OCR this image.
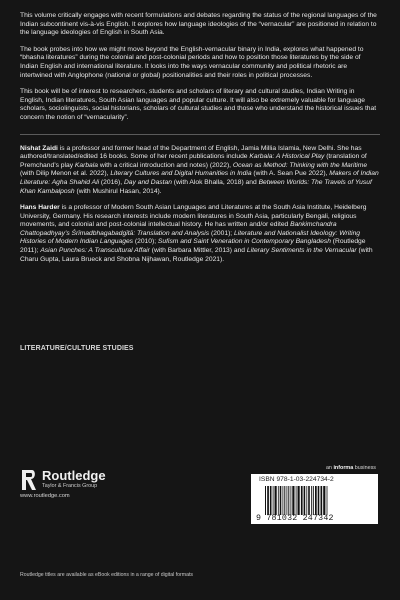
This volume critically engages with recent formulations and debates regarding the status of the regional languages of the Indian subcontinent vis-à-vis English. It explores how language ideologies of the “vernacular” are positioned in relation to the language ideologies of English in South Asia.

The book probes into how we might move beyond the English-vernacular binary in India, explores what happened to “bhasha literatures” during the colonial and post-colonial periods and how to position those literatures by the side of Indian English and international literature. It looks into the ways vernacular community and political rhetoric are intertwined with Anglophone (national or global) positionalities and their roles in political processes.

This book will be of interest to researchers, students and scholars of literary and cultural studies, Indian Writing in English, Indian literatures, South Asian languages and popular culture. It will also be extremely valuable for language scholars, sociolinguists, social historians, scholars of cultural studies and those who understand the historical issues that concern the notion of “vernacularity”.

Nishat Zaidi is a professor and former head of the Department of English, Jamia Millia Islamia, New Delhi. She has authored/translated/edited 16 books. Some of her recent publications include Karbala: A Historical Play (translation of Premchand’s play Karbala with a critical introduction and notes) (2022), Ocean as Method: Thinking with the Maritime (with Dilip Menon et al. 2022), Literary Cultures and Digital Humanities in India (with A. Sean Pue 2022), Makers of Indian Literature: Agha Shahid Ali (2016), Day and Dastan (with Alok Bhalla, 2018) and Between Worlds: The Travels of Yusuf Khan Kambalposh (with Mushirul Hasan, 2014).

Hans Harder is a professor of Modern South Asian Languages and Literatures at the South Asia Institute, Heidelberg University, Germany. His research interests include modern literatures in South Asia, particularly Bengali, religious movements, and colonial and post-colonial intellectual history. He has written and/or edited Bankimchandra Chattopadhyay’s Śrīmadbhagabadgītā: Translation and Analysis (2001); Literature and Nationalist Ideology: Writing Histories of Modern Indian Languages (2010); Sufism and Saint Veneration in Contemporary Bangladesh (Routledge 2011); Asian Punches: A Transcultural Affair (with Barbara Mittler, 2013) and Literary Sentiments in the Vernacular (with Charu Gupta, Laura Brueck and Shobna Nijhawan, Routledge 2021).

LITERATURE/CULTURE STUDIES
Routledge
Taylor & Francis Group
www.routledge.com
an informa business
ISBN 978-1-03-224734-2
9 781032 247342
Routledge titles are available as eBook editions in a range of digital formats
